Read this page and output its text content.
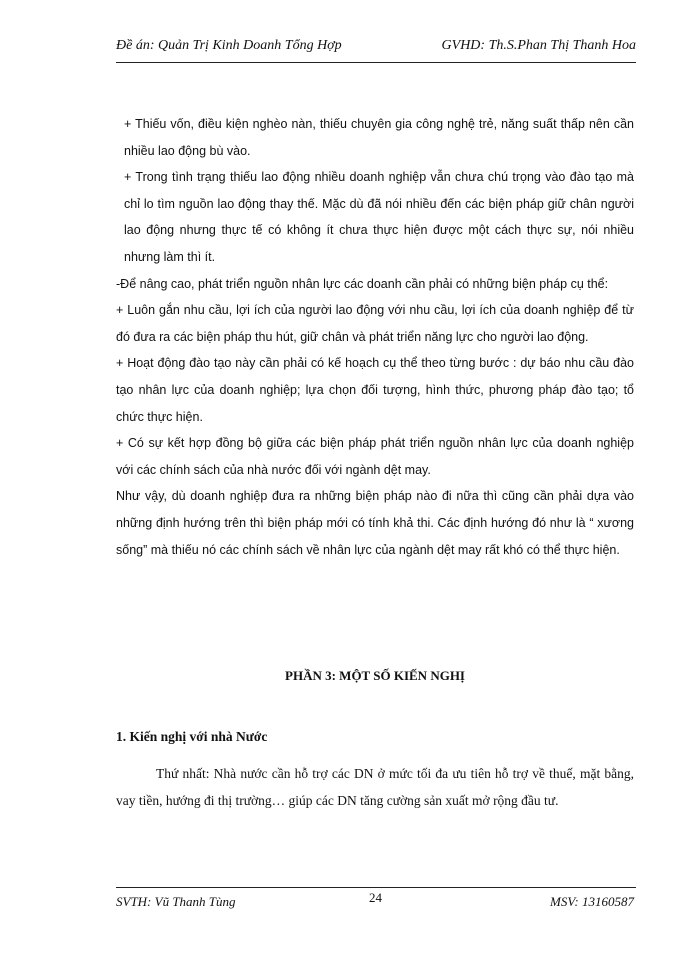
Đề án: Quản Trị Kinh Doanh Tổng Hợp	GVHD: Th.S.Phan Thị Thanh Hoa

+ Thiếu vốn, điều kiện nghèo nàn, thiếu chuyên gia công nghệ trẻ, năng suất thấp nên cần nhiều lao động bù vào.

+ Trong tình trạng thiếu lao động nhiều doanh nghiệp vẫn chưa chú trọng vào đào tạo mà chỉ lo tìm nguồn lao động thay thế. Mặc dù đã nói nhiều đến các biện pháp giữ chân người lao động nhưng thực tế có không ít chưa thực hiện được một cách thực sự, nói nhiều nhưng làm thì ít.

-Để nâng cao, phát triển nguồn nhân lực các doanh cần phải có những biện pháp cụ thể:

+ Luôn gắn nhu cầu, lợi ích của người lao động với nhu cầu, lợi ích của doanh nghiệp để từ đó đưa ra các biện pháp thu hút, giữ chân và phát triển năng lực cho người lao động.

+ Hoạt động đào tạo này cần phải có kế hoạch cụ thể theo từng bước : dự báo nhu cầu đào tạo nhân lực của doanh nghiệp; lựa chọn đối tượng, hình thức, phương pháp đào tạo; tổ chức thực hiện.

+ Có sự kết hợp đồng bộ giữa các biện pháp phát triển nguồn nhân lực của doanh nghiệp với các chính sách của nhà nước đối với ngành dệt may.

Như vậy, dù doanh nghiệp đưa ra những biện pháp nào đi nữa thì cũng cần phải dựa vào những định hướng trên thì biện pháp mới có tính khả thi. Các định hướng đó như là “ xương sống” mà thiếu nó các chính sách về nhân lực của ngành dệt may rất khó có thể thực hiện.

PHẦN 3: MỘT SỐ KIẾN NGHỊ
1. Kiến nghị với nhà Nước

Thứ nhất: Nhà nước cần hỗ trợ các DN ở mức tối đa ưu tiên hỗ trợ về thuế, mặt bằng, vay tiền, hướng đi thị trường… giúp các DN tăng cường sản xuất mở rộng đầu tư.

SVTH: Vũ Thanh Tùng	24	MSV: 13160587
